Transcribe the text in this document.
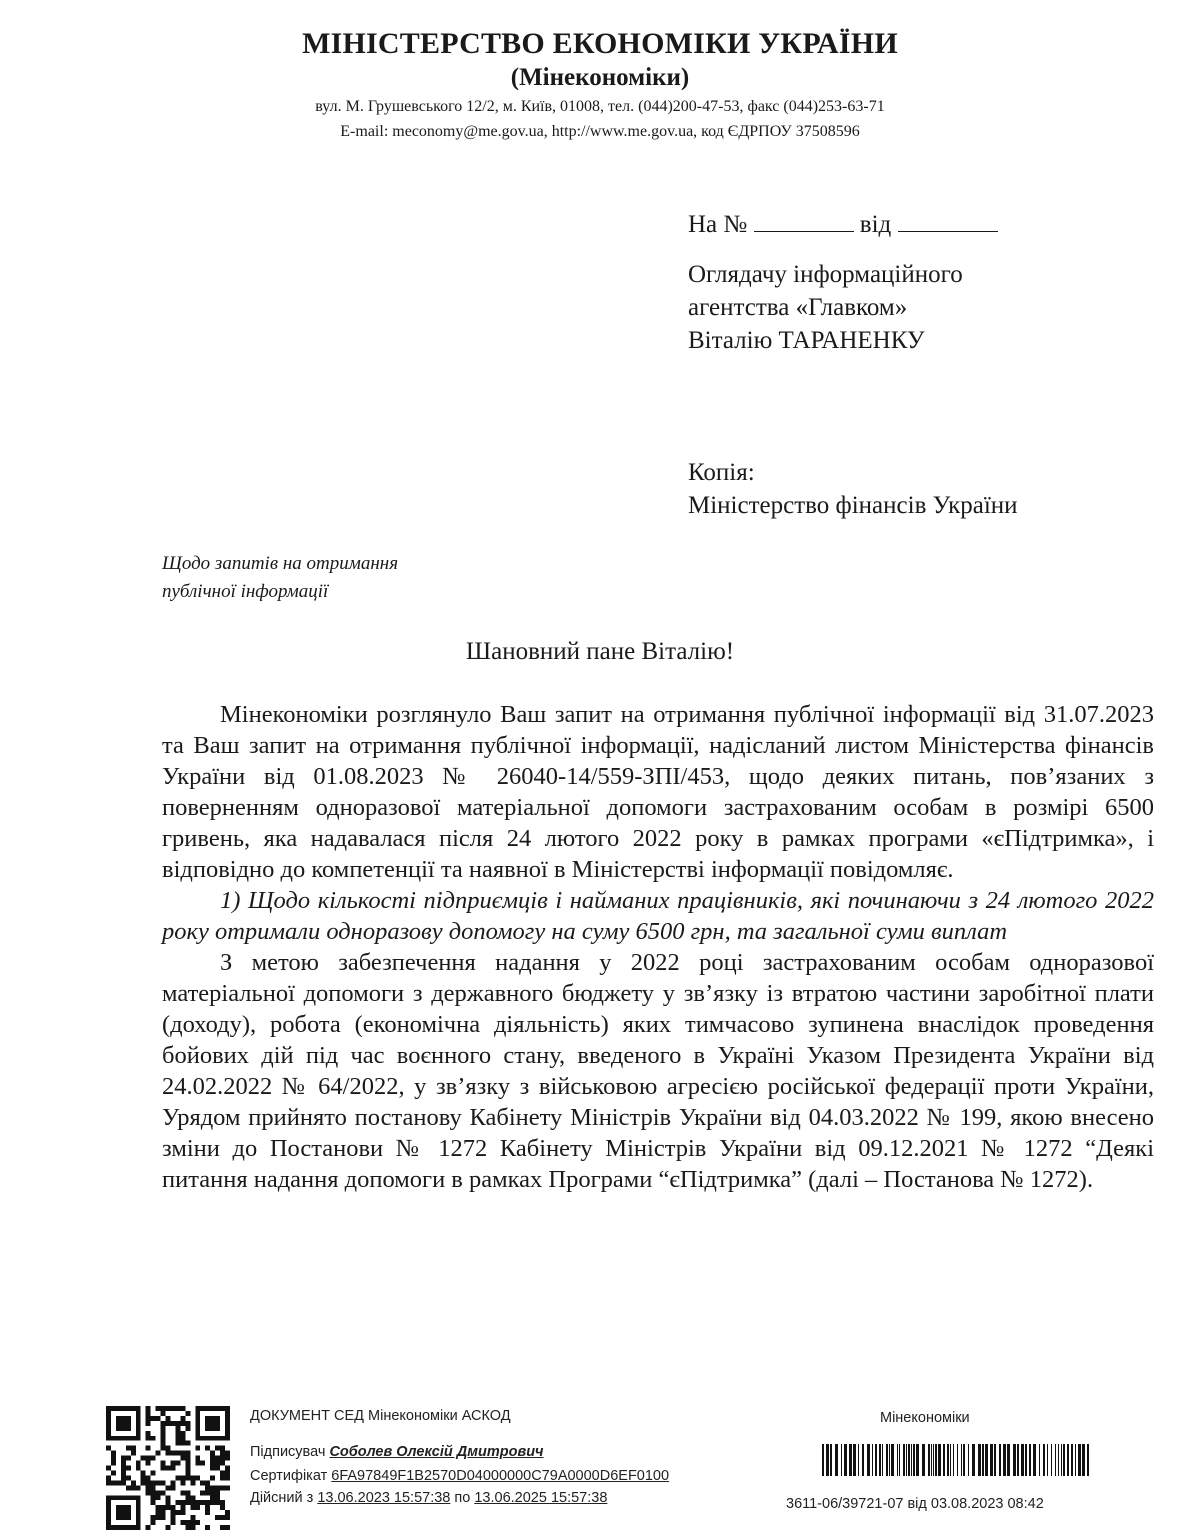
МІНІСТЕРСТВО ЕКОНОМІКИ УКРАЇНИ
(Мінекономіки)
вул. М. Грушевського 12/2, м. Київ, 01008, тел. (044)200-47-53, факс (044)253-63-71
E-mail: meconomy@me.gov.ua, http://www.me.gov.ua, код ЄДРПОУ 37508596
На №	від
Оглядачу інформаційного
агентства «Главком»
Віталію ТАРАНЕНКУ
Копія:
Міністерство фінансів України
Щодо запитів на отримання
публічної інформації
Шановний пане Віталію!

Мінекономіки розглянуло Ваш запит на отримання публічної інформації від 31.07.2023 та Ваш запит на отримання публічної інформації, надісланий листом Міністерства фінансів України від 01.08.2023 № 26040-14/559-ЗПІ/453, щодо деяких питань, пов’язаних з поверненням одноразової матеріальної допомоги застрахованим особам в розмірі 6500 гривень, яка надавалася після 24 лютого 2022 року в рамках програми «єПідтримка», і відповідно до компетенції та наявної в Міністерстві інформації повідомляє.

1) Щодо кількості підприємців і найманих працівників, які починаючи з 24 лютого 2022 року отримали одноразову допомогу на суму 6500 грн, та загальної суми виплат

З метою забезпечення надання у 2022 році застрахованим особам одноразової матеріальної допомоги з державного бюджету у зв’язку із втратою частини заробітної плати (доходу), робота (економічна діяльність) яких тимчасово зупинена внаслідок проведення бойових дій під час воєнного стану, введеного в Україні Указом Президента України від 24.02.2022 № 64/2022, у зв’язку з військовою агресією російської федерації проти України, Урядом прийнято постанову Кабінету Міністрів України від 04.03.2022 № 199, якою внесено зміни до Постанови № 1272 Кабінету Міністрів України від 09.12.2021 № 1272 “Деякі питання надання допомоги в рамках Програми “єПідтримка” (далі – Постанова № 1272).

ДОКУМЕНТ СЕД Мінекономіки АСКОД
Підписувач Соболев Олексій Дмитрович
Сертифікат 6FA97849F1B2570D04000000C79A0000D6EF0100
Дійсний з 13.06.2023 15:57:38 по 13.06.2025 15:57:38
Мінекономіки
3611-06/39721-07 від 03.08.2023 08:42
